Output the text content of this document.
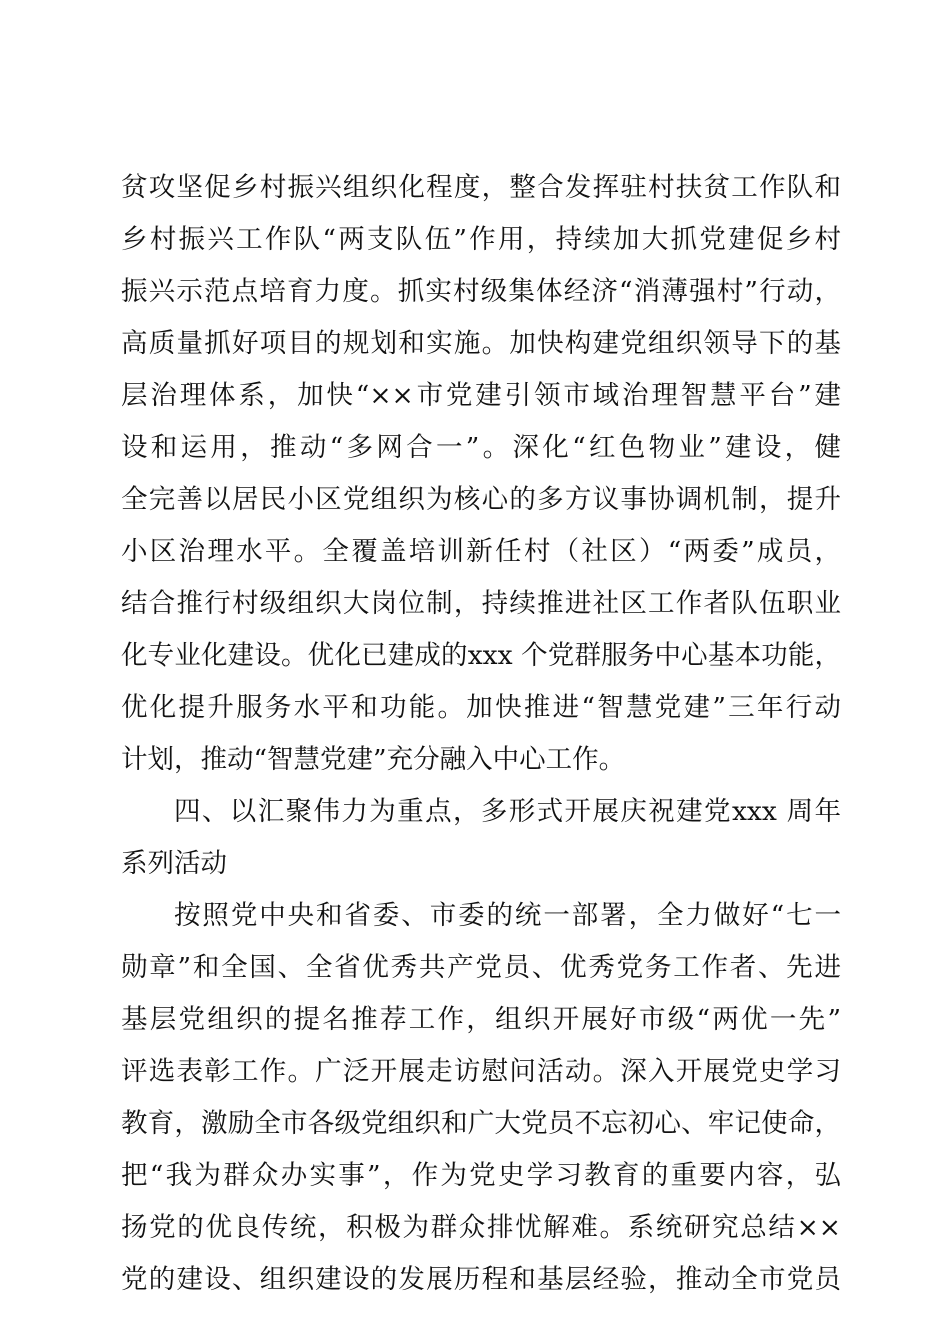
贫攻坚促乡村振兴组织化程度，整合发挥驻村扶贫工作队和
乡村振兴工作队“两支队伍”作用，持续加大抓党建促乡村
振兴示范点培育力度。抓实村级集体经济“消薄强村”行动，
高质量抓好项目的规划和实施。加快构建党组织领导下的基
层治理体系，加快“××市党建引领市域治理智慧平台”建
设和运用，推动“多网合一”。深化“红色物业”建设，健
全完善以居民小区党组织为核心的多方议事协调机制，提升
小区治理水平。全覆盖培训新任村（社区）“两委”成员，
结合推行村级组织大岗位制，持续推进社区工作者队伍职业
化专业化建设。优化已建成的xxx 个党群服务中心基本功能，
优化提升服务水平和功能。加快推进“智慧党建”三年行动
计划，推动“智慧党建”充分融入中心工作。
四、以汇聚伟力为重点，多形式开展庆祝建党xxx 周年
系列活动
按照党中央和省委、市委的统一部署，全力做好“七一
勋章”和全国、全省优秀共产党员、优秀党务工作者、先进
基层党组织的提名推荐工作，组织开展好市级“两优一先”
评选表彰工作。广泛开展走访慰问活动。深入开展党史学习
教育，激励全市各级党组织和广大党员不忘初心、牢记使命，
把“我为群众办实事”，作为党史学习教育的重要内容，弘
扬党的优良传统，积极为群众排忧解难。系统研究总结××
党的建设、组织建设的发展历程和基层经验，推动全市党员
